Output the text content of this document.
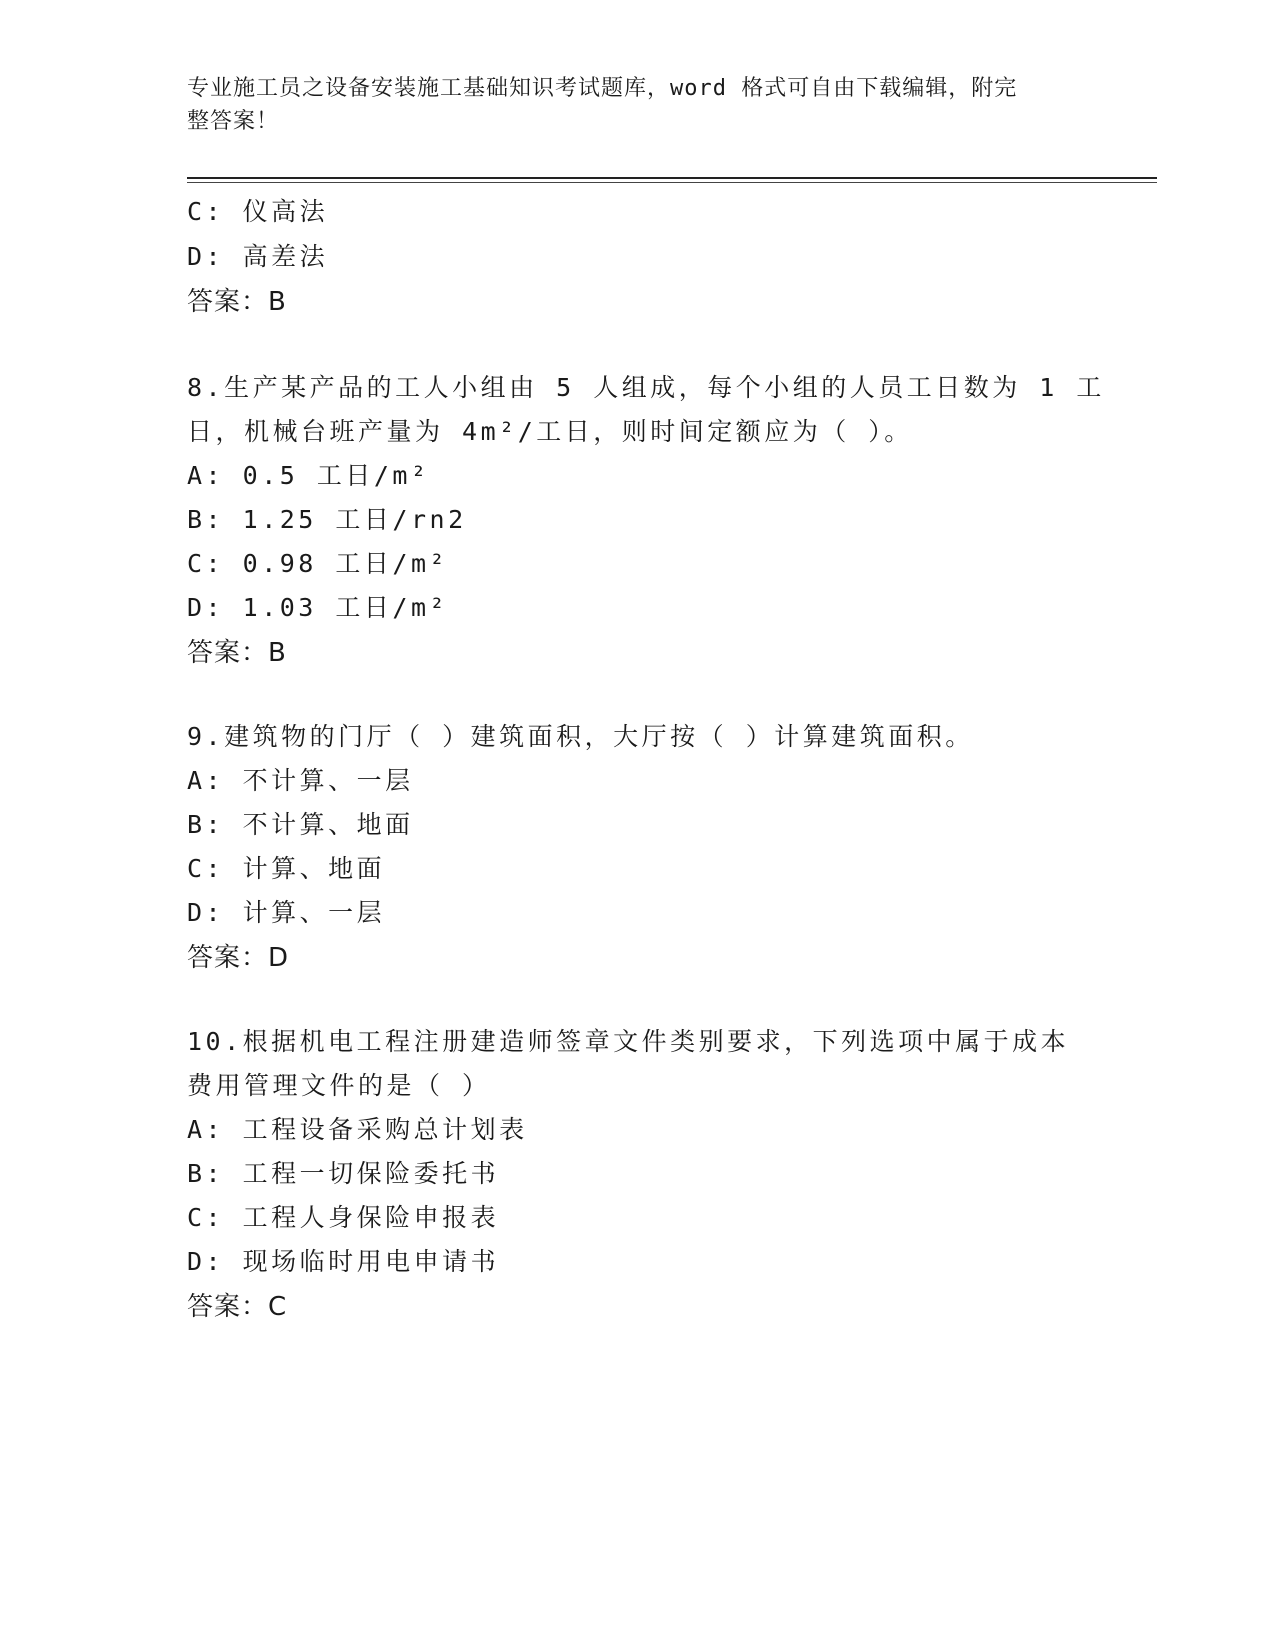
专业施工员之设备安装施工基础知识考试题库，word 格式可自由下载编辑，附完
整答案！
C: 仪高法
D: 高差法
答案：B
8.生产某产品的工人小组由 5 人组成，每个小组的人员工日数为 1 工
日，机械台班产量为 4m²/工日，则时间定额应为（ ）。
A: 0.5 工日/m²
B: 1.25 工日/rn2
C: 0.98 工日/m²
D: 1.03 工日/m²
答案：B
9.建筑物的门厅（ ）建筑面积，大厅按（ ）计算建筑面积。
A: 不计算、一层
B: 不计算、地面
C: 计算、地面
D: 计算、一层
答案：D
10.根据机电工程注册建造师签章文件类别要求，下列选项中属于成本
费用管理文件的是（ ）
A: 工程设备采购总计划表
B: 工程一切保险委托书
C: 工程人身保险申报表
D: 现场临时用电申请书
答案：C
